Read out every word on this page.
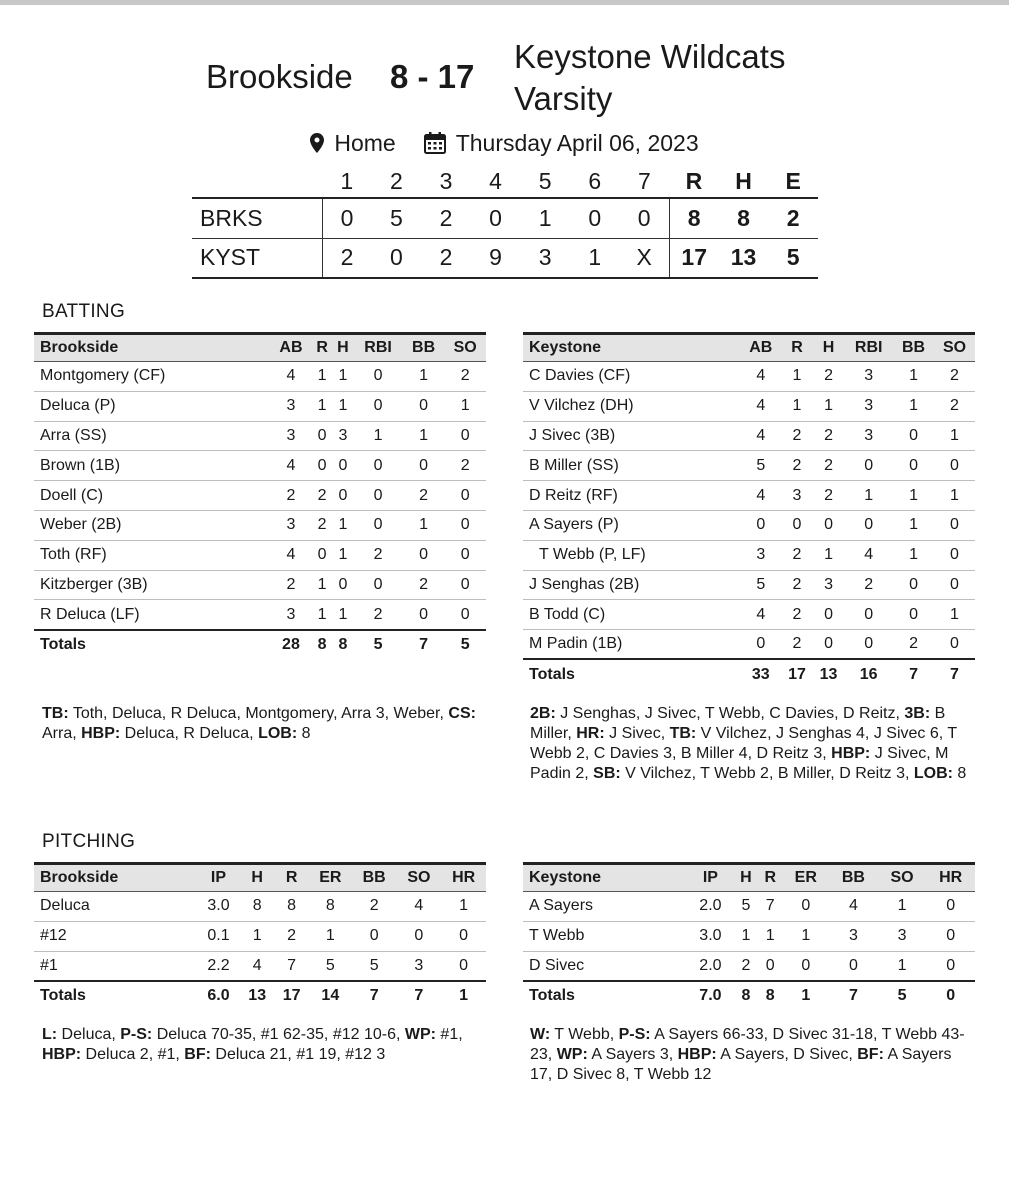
Brookside 8 - 17
Keystone Wildcats Varsity
Home	Thursday April 06, 2023
	1	2	3	4	5	6	7	R	H	E
BRKS	0	5	2	0	1	0	0	8	8	2
KYST	2	0	2	9	3	1	X	17	13	5
BATTING
Brookside	AB	R	H	RBI	BB	SO
Montgomery (CF)	4	1	1	0	1	2
Deluca (P)	3	1	1	0	0	1
Arra (SS)	3	0	3	1	1	0
Brown (1B)	4	0	0	0	0	2
Doell (C)	2	2	0	0	2	0
Weber (2B)	3	2	1	0	1	0
Toth (RF)	4	0	1	2	0	0
Kitzberger (3B)	2	1	0	0	2	0
R Deluca (LF)	3	1	1	2	0	0
Totals	28	8	8	5	7	5
Keystone	AB	R	H	RBI	BB	SO
C Davies (CF)	4	1	2	3	1	2
V Vilchez (DH)	4	1	1	3	1	2
J Sivec (3B)	4	2	2	3	0	1
B Miller (SS)	5	2	2	0	0	0
D Reitz (RF)	4	3	2	1	1	1
A Sayers (P)	0	0	0	0	1	0
T Webb (P, LF)	3	2	1	4	1	0
J Senghas (2B)	5	2	3	2	0	0
B Todd (C)	4	2	0	0	0	1
M Padin (1B)	0	2	0	0	2	0
Totals	33	17	13	16	7	7
TB: Toth, Deluca, R Deluca, Montgomery, Arra 3, Weber, CS: Arra, HBP: Deluca, R Deluca, LOB: 8
2B: J Senghas, J Sivec, T Webb, C Davies, D Reitz, 3B: B Miller, HR: J Sivec, TB: V Vilchez, J Senghas 4, J Sivec 6, T Webb 2, C Davies 3, B Miller 4, D Reitz 3, HBP: J Sivec, M Padin 2, SB: V Vilchez, T Webb 2, B Miller, D Reitz 3, LOB: 8
PITCHING
Brookside	IP	H	R	ER	BB	SO	HR
Deluca	3.0	8	8	8	2	4	1
#12	0.1	1	2	1	0	0	0
#1	2.2	4	7	5	5	3	0
Totals	6.0	13	17	14	7	7	1
Keystone	IP	H	R	ER	BB	SO	HR
A Sayers	2.0	5	7	0	4	1	0
T Webb	3.0	1	1	1	3	3	0
D Sivec	2.0	2	0	0	0	1	0
Totals	7.0	8	8	1	7	5	0
L: Deluca, P-S: Deluca 70-35, #1 62-35, #12 10-6, WP: #1, HBP: Deluca 2, #1, BF: Deluca 21, #1 19, #12 3
W: T Webb, P-S: A Sayers 66-33, D Sivec 31-18, T Webb 43-23, WP: A Sayers 3, HBP: A Sayers, D Sivec, BF: A Sayers 17, D Sivec 8, T Webb 12
